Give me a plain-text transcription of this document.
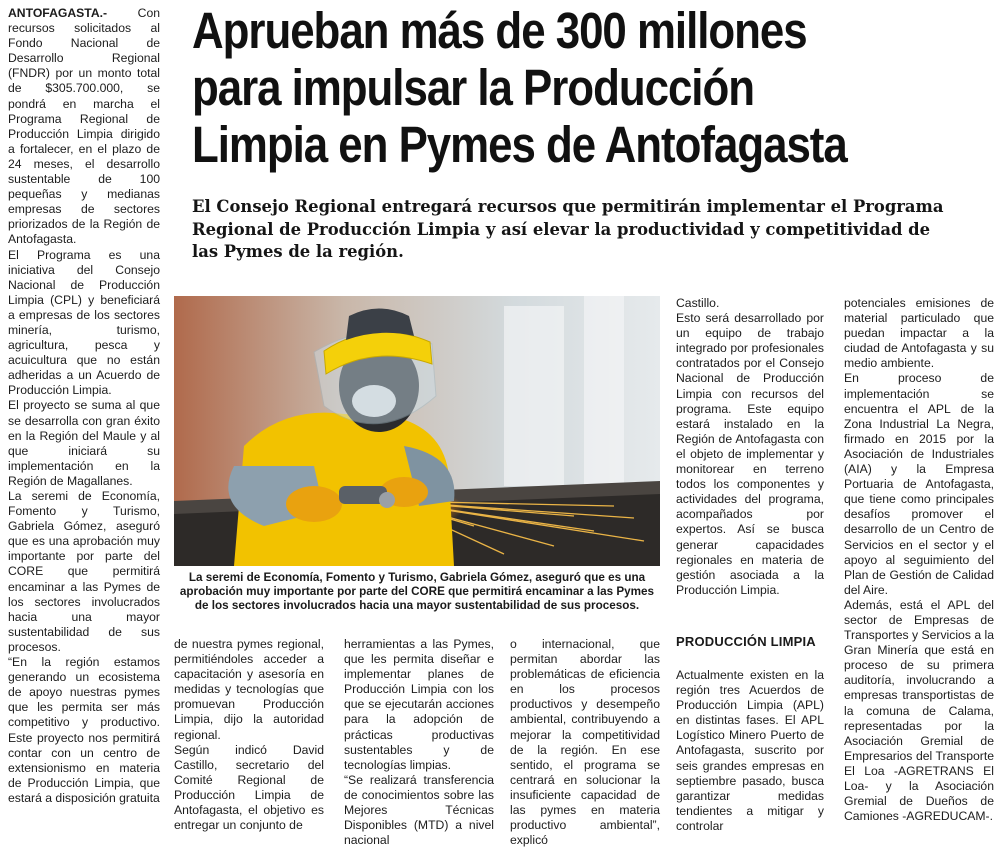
ANTOFAGASTA.-	Con recursos solicitados al Fondo Nacional de Desarrollo Regional (FNDR) por un monto total de $305.700.000, se pondrá en marcha el Programa Regional de Producción Limpia dirigido a fortalecer, en el plazo de 24 meses, el desarrollo sustentable de 100 pequeñas y medianas empresas de sectores priorizados de la Región de Antofagasta.

El Programa es una iniciativa del Consejo Nacional de Producción Limpia (CPL) y beneficiará a empresas de los sectores minería, turismo, agricultura, pesca y acuicultura que no están adheridas a un Acuerdo de Producción Limpia.

El proyecto se suma al que se desarrolla con gran éxito en la Región del Maule y al que iniciará su implementación en la Región de Magallanes.

La seremi de Economía, Fomento y Turismo, Gabriela Gómez, aseguró que es una aprobación muy importante por parte del CORE que permitirá encaminar a las Pymes de los sectores involucrados hacia una mayor sustentabilidad de sus procesos.

“En la región estamos generando un ecosistema de apoyo nuestras pymes que les permita ser más competitivo y productivo. Este proyecto nos permitirá contar con un centro de extensionismo en materia de Producción Limpia, que estará a disposición gratuita

Aprueban más de 300 millones para impulsar la Producción Limpia en Pymes de Antofagasta
El Consejo Regional entregará recursos que permitirán implementar el Programa Regional de Producción Limpia y así elevar la productividad y competitividad de las Pymes de la región.

La seremi de Economía, Fomento y Turismo, Gabriela Gómez, aseguró que es una aprobación muy importante por parte del CORE que permitirá encaminar a las Pymes de los sectores involucrados hacia una mayor sustentabilidad de sus procesos.

de nuestra pymes regional, permitiéndoles acceder a capacitación y asesoría en medidas y tecnologías que promuevan Producción Limpia, dijo la autoridad regional.

Según indicó David Castillo, secretario del Comité Regional de Producción Limpia de Antofagasta, el objetivo es entregar un conjunto de

herramientas a las Pymes, que les permita diseñar e implementar planes de Producción Limpia con los que se ejecutarán acciones para la adopción de prácticas productivas sustentables y de tecnologías limpias.

“Se realizará transferencia de conocimientos sobre las Mejores Técnicas Disponibles (MTD) a nivel nacional

o internacional, que permitan abordar las problemáticas de eficiencia en los procesos productivos y desempeño ambiental, contribuyendo a mejorar la competitividad de la región. En ese sentido, el programa se centrará en solucionar la insuficiente capacidad de las pymes en materia productivo ambiental”, explicó

Castillo.

Esto será desarrollado por un equipo de trabajo integrado por profesionales contratados por el Consejo Nacional de Producción Limpia con recursos del programa. Este equipo estará instalado en la Región de Antofagasta con el objeto de implementar y monitorear en terreno todos los componentes y actividades del programa, acompañados por expertos. Así se busca generar capacidades regionales en materia de gestión asociada a la Producción Limpia.

PRODUCCIÓN LIMPIA

Actualmente existen en la región tres Acuerdos de Producción Limpia (APL) en distintas fases. El APL Logístico Minero Puerto de Antofagasta, suscrito por seis grandes empresas en septiembre pasado, busca garantizar medidas tendientes a mitigar y controlar

potenciales emisiones de material particulado que puedan impactar a la ciudad de Antofagasta y su medio ambiente.

En proceso de implementación se encuentra el APL de la Zona Industrial La Negra, firmado en 2015 por la Asociación de Industriales (AIA) y la Empresa Portuaria de Antofagasta, que tiene como principales desafíos promover el desarrollo de un Centro de Servicios en el sector y el apoyo al seguimiento del Plan de Gestión de Calidad del Aire.

Además, está el APL del sector de Empresas de Transportes y Servicios a la Gran Minería que está en proceso de su primera auditoría, involucrando a empresas transportistas de la comuna de Calama, representadas por la Asociación Gremial de Empresarios del Transporte El Loa -AGRETRANS El Loa- y la Asociación Gremial de Dueños de Camiones -AGREDUCAM-.
